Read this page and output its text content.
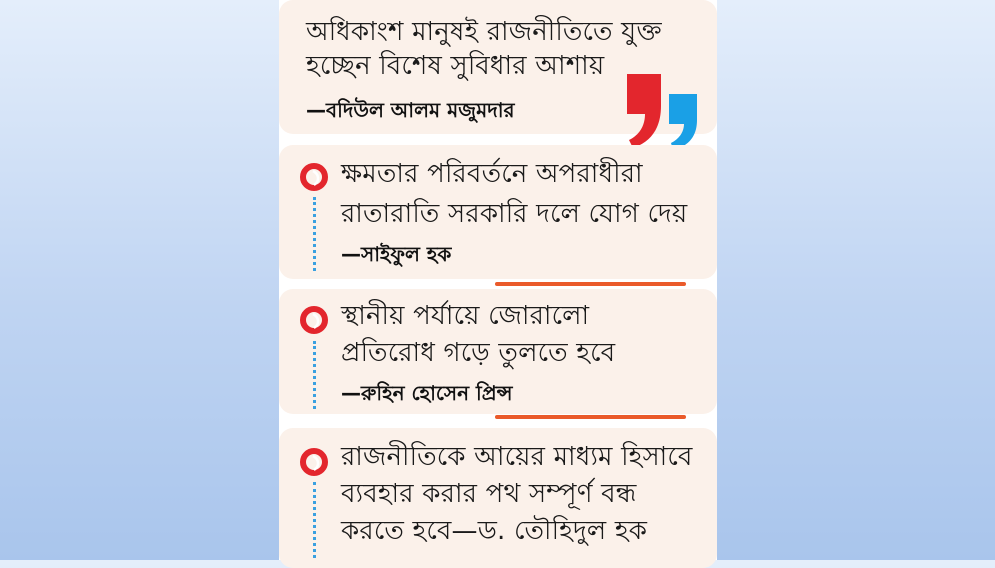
অধিকাংশ মানুষই রাজনীতিতে যুক্ত
হচ্ছেন বিশেষ সুবিধার আশায়
—বদিউল আলম মজুমদার
ক্ষমতার পরিবর্তনে অপরাধীরা
রাতারাতি সরকারি দলে যোগ দেয়
—সাইফুল হক
স্থানীয় পর্যায়ে জোরালো
প্রতিরোধ গড়ে তুলতে হবে
—রুহিন হোসেন প্রিন্স
রাজনীতিকে আয়ের মাধ্যম হিসাবে
ব্যবহার করার পথ সম্পূর্ণ বন্ধ
করতে হবে—ড. তৌহিদুল হক
